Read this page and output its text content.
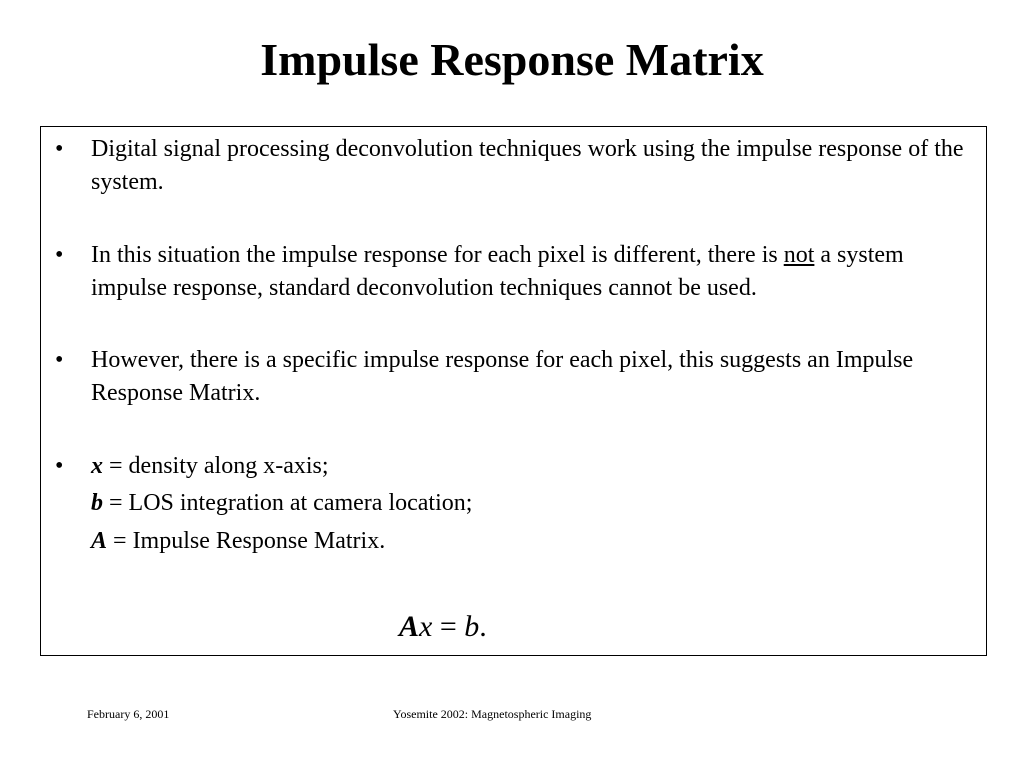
Impulse Response Matrix
•	Digital signal processing deconvolution techniques work using the impulse response of the system.
•	In this situation the impulse response for each pixel is different, there is not a system impulse response, standard deconvolution techniques cannot be used.
•	However, there is a specific impulse response for each pixel, this suggests an Impulse Response Matrix.
•	x = density along x-axis;
b = LOS integration at camera location;
A = Impulse Response Matrix.
Ax = b.
February 6, 2001	Yosemite 2002: Magnetospheric Imaging
